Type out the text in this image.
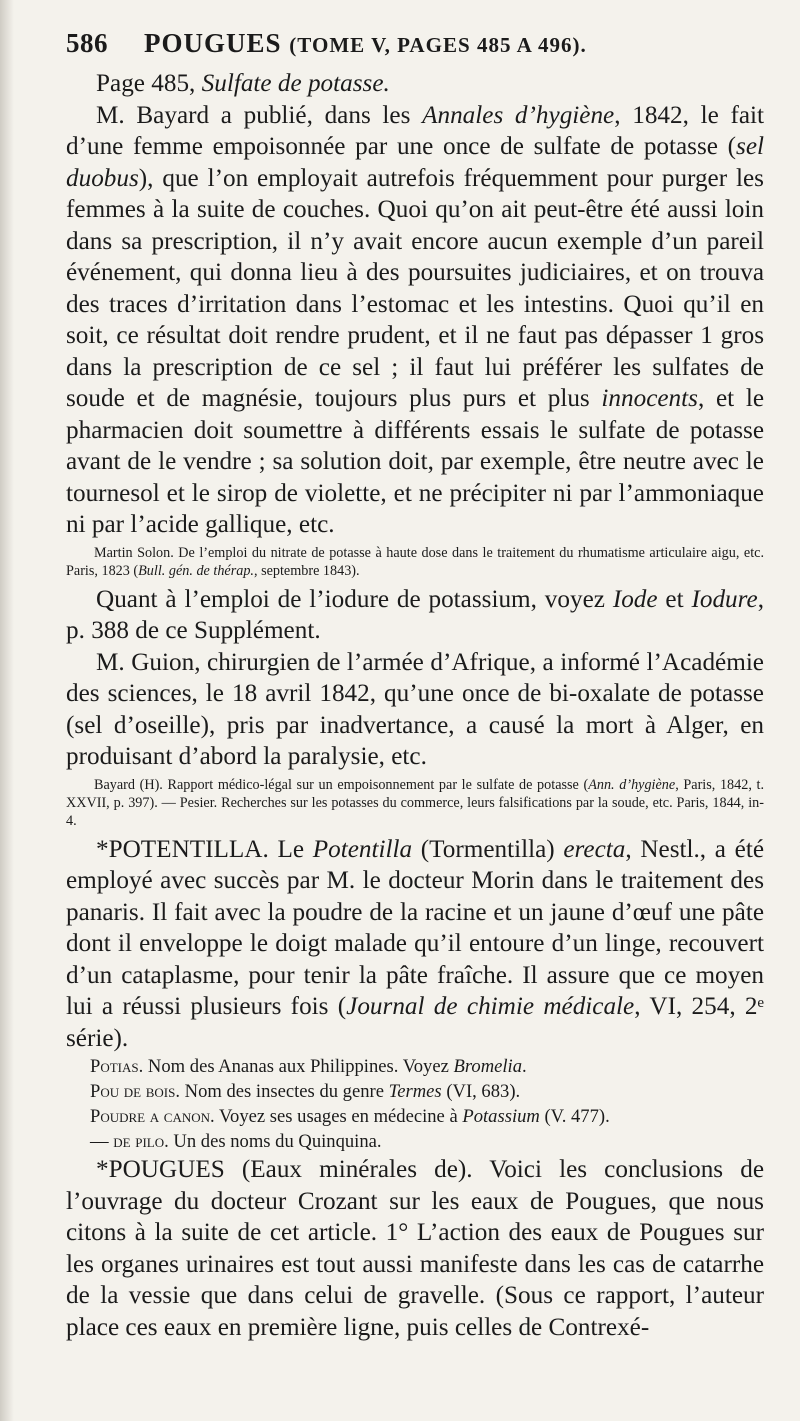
586 POUGUES (TOME V, PAGES 485 A 496).

Page 485, Sulfate de potasse.

M. Bayard a publié, dans les Annales d’hygiène, 1842, le fait d’une femme empoisonnée par une once de sulfate de potasse (sel duobus), que l’on employait autrefois fréquemment pour purger les femmes à la suite de couches. Quoi qu’on ait peut-être été aussi loin dans sa prescription, il n’y avait encore aucun exemple d’un pareil événement, qui donna lieu à des poursuites judiciaires, et on trouva des traces d’irritation dans l’estomac et les intestins. Quoi qu’il en soit, ce résultat doit rendre prudent, et il ne faut pas dépasser 1 gros dans la prescription de ce sel ; il faut lui préférer les sulfates de soude et de magnésie, toujours plus purs et plus innocents, et le pharmacien doit soumettre à différents essais le sulfate de potasse avant de le vendre ; sa solution doit, par exemple, être neutre avec le tournesol et le sirop de violette, et ne précipiter ni par l’ammoniaque ni par l’acide gallique, etc.

Martin Solon. De l’emploi du nitrate de potasse à haute dose dans le traitement du rhumatisme articulaire aigu, etc. Paris, 1823 (Bull. gén. de thérap., septembre 1843).

Quant à l’emploi de l’iodure de potassium, voyez Iode et Iodure, p. 388 de ce Supplément.

M. Guion, chirurgien de l’armée d’Afrique, a informé l’Académie des sciences, le 18 avril 1842, qu’une once de bi-oxalate de potasse (sel d’oseille), pris par inadvertance, a causé la mort à Alger, en produisant d’abord la paralysie, etc.

Bayard (H). Rapport médico-légal sur un empoisonnement par le sulfate de potasse (Ann. d’hygiène, Paris, 1842, t. XXVII, p. 397). — Pesier. Recherches sur les potasses du commerce, leurs falsifications par la soude, etc. Paris, 1844, in-4.

*POTENTILLA. Le Potentilla (Tormentilla) erecta, Nestl., a été employé avec succès par M. le docteur Morin dans le traitement des panaris. Il fait avec la poudre de la racine et un jaune d’œuf une pâte dont il enveloppe le doigt malade qu’il entoure d’un linge, recouvert d’un cataplasme, pour tenir la pâte fraîche. Il assure que ce moyen lui a réussi plusieurs fois (Journal de chimie médicale, VI, 254, 2ᵉ série).

Potias. Nom des Ananas aux Philippines. Voyez Bromelia.

Pou de bois. Nom des insectes du genre Termes (VI, 683).

Poudre a canon. Voyez ses usages en médecine à Potassium (V. 477).

— de pilo. Un des noms du Quinquina.

*POUGUES (Eaux minérales de). Voici les conclusions de l’ouvrage du docteur Crozant sur les eaux de Pougues, que nous citons à la suite de cet article. 1° L’action des eaux de Pougues sur les organes urinaires est tout aussi manifeste dans les cas de catarrhe de la vessie que dans celui de gravelle. (Sous ce rapport, l’auteur place ces eaux en première ligne, puis celles de Contrexé-
